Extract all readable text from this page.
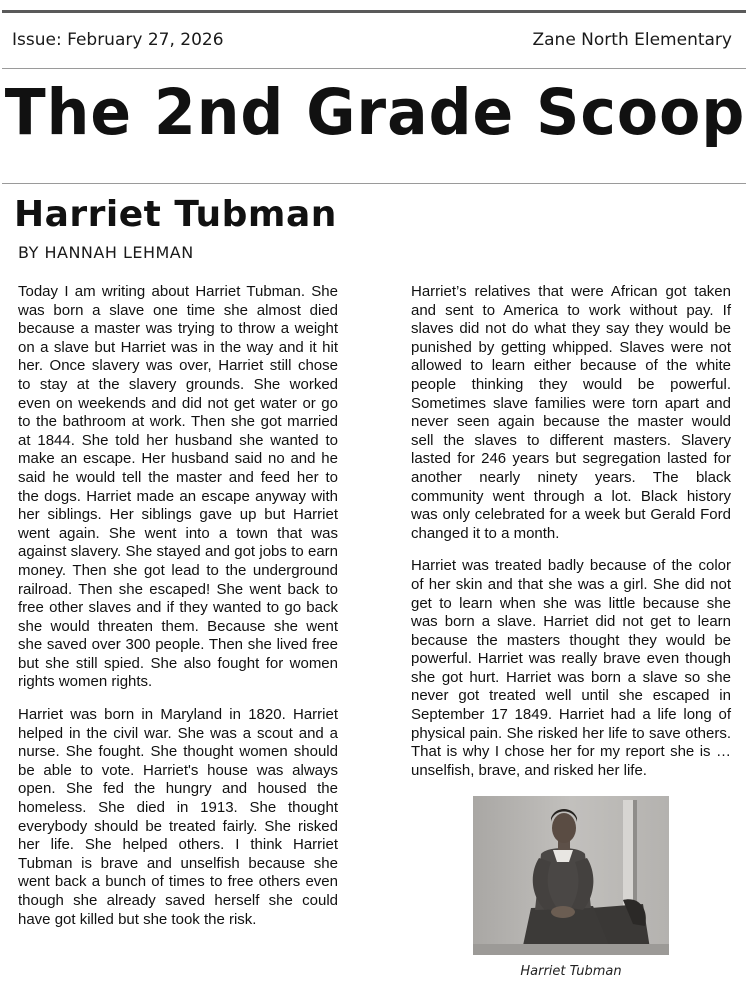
Issue: February 27, 2026	Zane North Elementary
The 2nd Grade Scoop
Harriet Tubman
BY HANNAH LEHMAN

Today I am writing about Harriet Tubman. She was born a slave one time she almost died because a master was trying to throw a weight on a slave but Harriet was in the way and it hit her. Once slavery was over, Harriet still chose to stay at the slavery grounds. She worked even on weekends and did not get water or go to the bathroom at work. Then she got married at 1844. She told her husband she wanted to make an escape. Her husband said no and he said he would tell the master and feed her to the dogs. Harriet made an escape anyway with her siblings. Her siblings gave up but Harriet went again. She went into a town that was against slavery. She stayed and got jobs to earn money. Then she got lead to the underground railroad. Then she escaped! She went back to free other slaves and if they wanted to go back she would threaten them. Because she went she saved over 300 people. Then she lived free but she still spied. She also fought for women rights women rights.

Harriet was born in Maryland in 1820. Harriet helped in the civil war. She was a scout and a nurse. She fought. She thought women should be able to vote. Harriet's house was always open. She fed the hungry and housed the homeless. She died in 1913. She thought everybody should be treated fairly. She risked her life. She helped others. I think Harriet Tubman is brave and unselfish because she went back a bunch of times to free others even though she already saved herself she could have got killed but she took the risk.

Harriet’s relatives that were African got taken and sent to America to work without pay. If slaves did not do what they say they would be punished by getting whipped. Slaves were not allowed to learn either because of the white people thinking they would be powerful. Sometimes slave families were torn apart and never seen again because the master would sell the slaves to different masters. Slavery lasted for 246 years but segregation lasted for another nearly ninety years. The black community went through a lot. Black history was only celebrated for a week but Gerald Ford changed it to a month.

Harriet was treated badly because of the color of her skin and that she was a girl. She did not get to learn when she was little because she was born a slave. Harriet did not get to learn because the masters thought they would be powerful. Harriet was really brave even though she got hurt. Harriet was born a slave so she never got treated well until she escaped in September 17 1849. Harriet had a life long of physical pain. She risked her life to save others. That is why I chose her for my report she is … unselfish, brave, and risked her life.

Harriet Tubman
